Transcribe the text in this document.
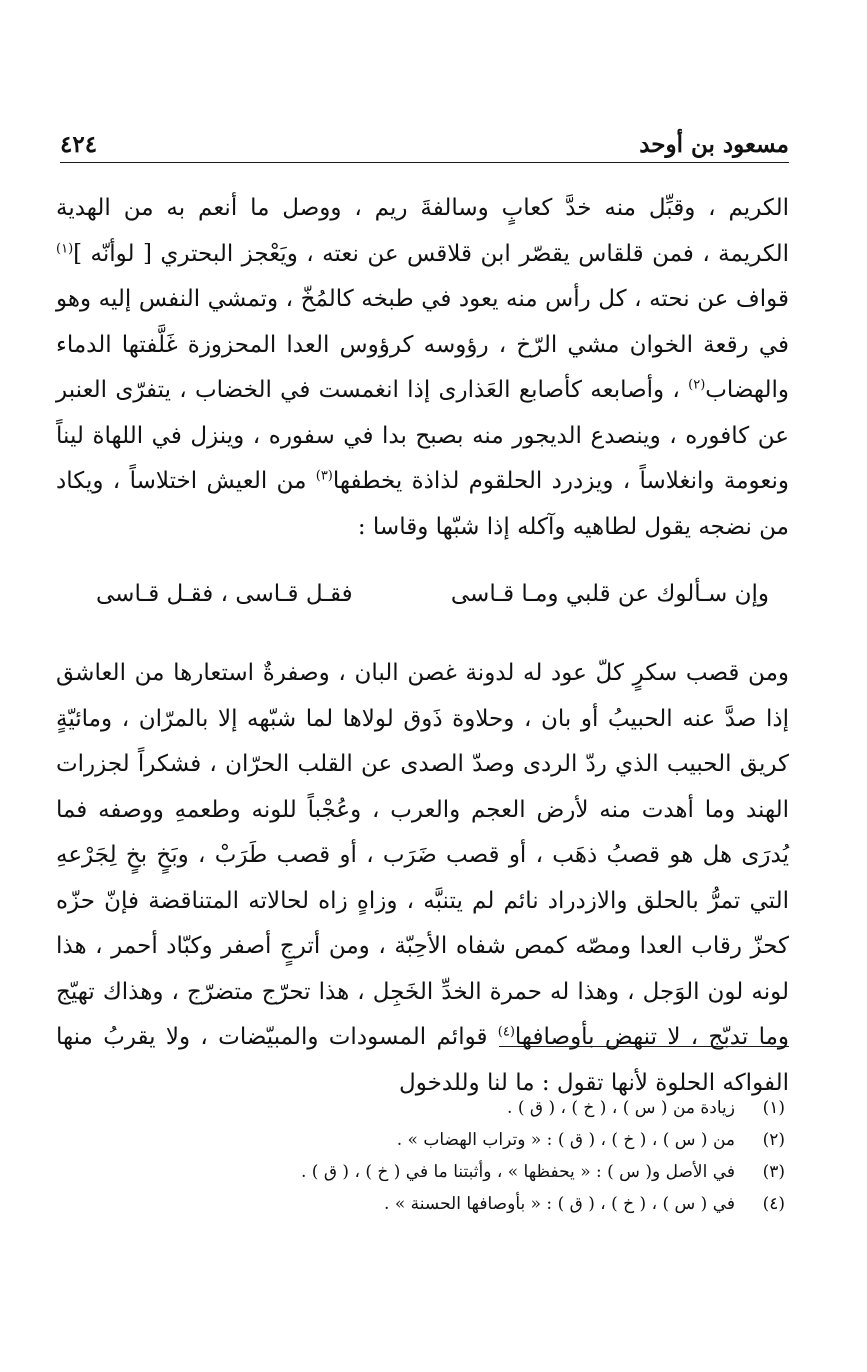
مسعود بن أوحد
٤٢٤

الكريم ، وقبِّل منه خدَّ كعابٍ وسالفةَ ريم ، ووصل ما أنعم به من الهدية الكريمة ، فمن قلقاس يقصّر ابن قلاقس عن نعته ، ويَعْجز البحتري [ لوأنّه ]$^{(١)}$ قواف عن نحته ، كل رأس منه يعود في طبخه كالمُخّ ، وتمشي النفس إليه وهو في رقعة الخوان مشي الرّخ ، رؤوسه كرؤوس العدا المحزوزة غَلَّفتها الدماء والهضاب$^{(٢)}$ ، وأصابعه كأصابع العَذارى إذا انغمست في الخضاب ، يتفرّى العنبر عن كافوره ، وينصدع الديجور منه بصبح بدا في سفوره ، وينزل في اللهاة ليناً ونعومة وانغلاساً ، ويزدرد الحلقوم لذاذة يخطفها$^{(٣)}$ من العيش اختلاساً ، ويكاد من نضجه يقول لطاهيه وآكله إذا شبّها وقاسا :

وإن سـألوك عن قلبي ومـا قـاسى
فقـل قـاسى ، فقـل قـاسى

ومن قصب سكرٍ كلّ عود له لدونة غصن البان ، وصفرةٌ استعارها من العاشق إذا صدَّ عنه الحبيبُ أو بان ، وحلاوة ذَوق لولاها لما شبّهه إلا بالمرّان ، ومائيّةٍ كريق الحبيب الذي ردّ الردى وصدّ الصدى عن القلب الحرّان ، فشكراً لجزرات الهند وما أهدت منه لأرض العجم والعرب ، وعُجْباً للونه وطعمهِ ووصفه فما يُدرَى هل هو قصبُ ذهَب ، أو قصب ضَرَب ، أو قصب طَرَبْ ، وبَخٍ بخٍ لِجَرْعهِ التي تمرُّ بالحلق والازدراد نائم لم يتنبَّه ، وزاهٍ زاه لحالاته المتناقضة فإنّ حزّه كحزّ رقاب العدا ومصّه كمص شفاه الأحِبّة ، ومن أترجٍ أصفر وكبّاد أحمر ، هذا لونه لون الوَجل ، وهذا له حمرة الخدِّ الخَجِل ، هذا تحرّج متضرّج ، وهذاك تهيّج وما تدبّج ، لا تنهض بأوصافها$^{(٤)}$ قوائم المسودات والمبيّضات ، ولا يقربُ منها الفواكه الحلوة لأنها تقول : ما لنا وللدخول

(١)
زيادة من ( س ) ، ( خ ) ، ( ق ) .
(٢)
من ( س ) ، ( خ ) ، ( ق ) : « وتراب الهضاب » .
(٣)
في الأصل و( س ) : « يحفظها » ، وأثبتنا ما في ( خ ) ، ( ق ) .
(٤)
في ( س ) ، ( خ ) ، ( ق ) : « بأوصافها الحسنة » .
